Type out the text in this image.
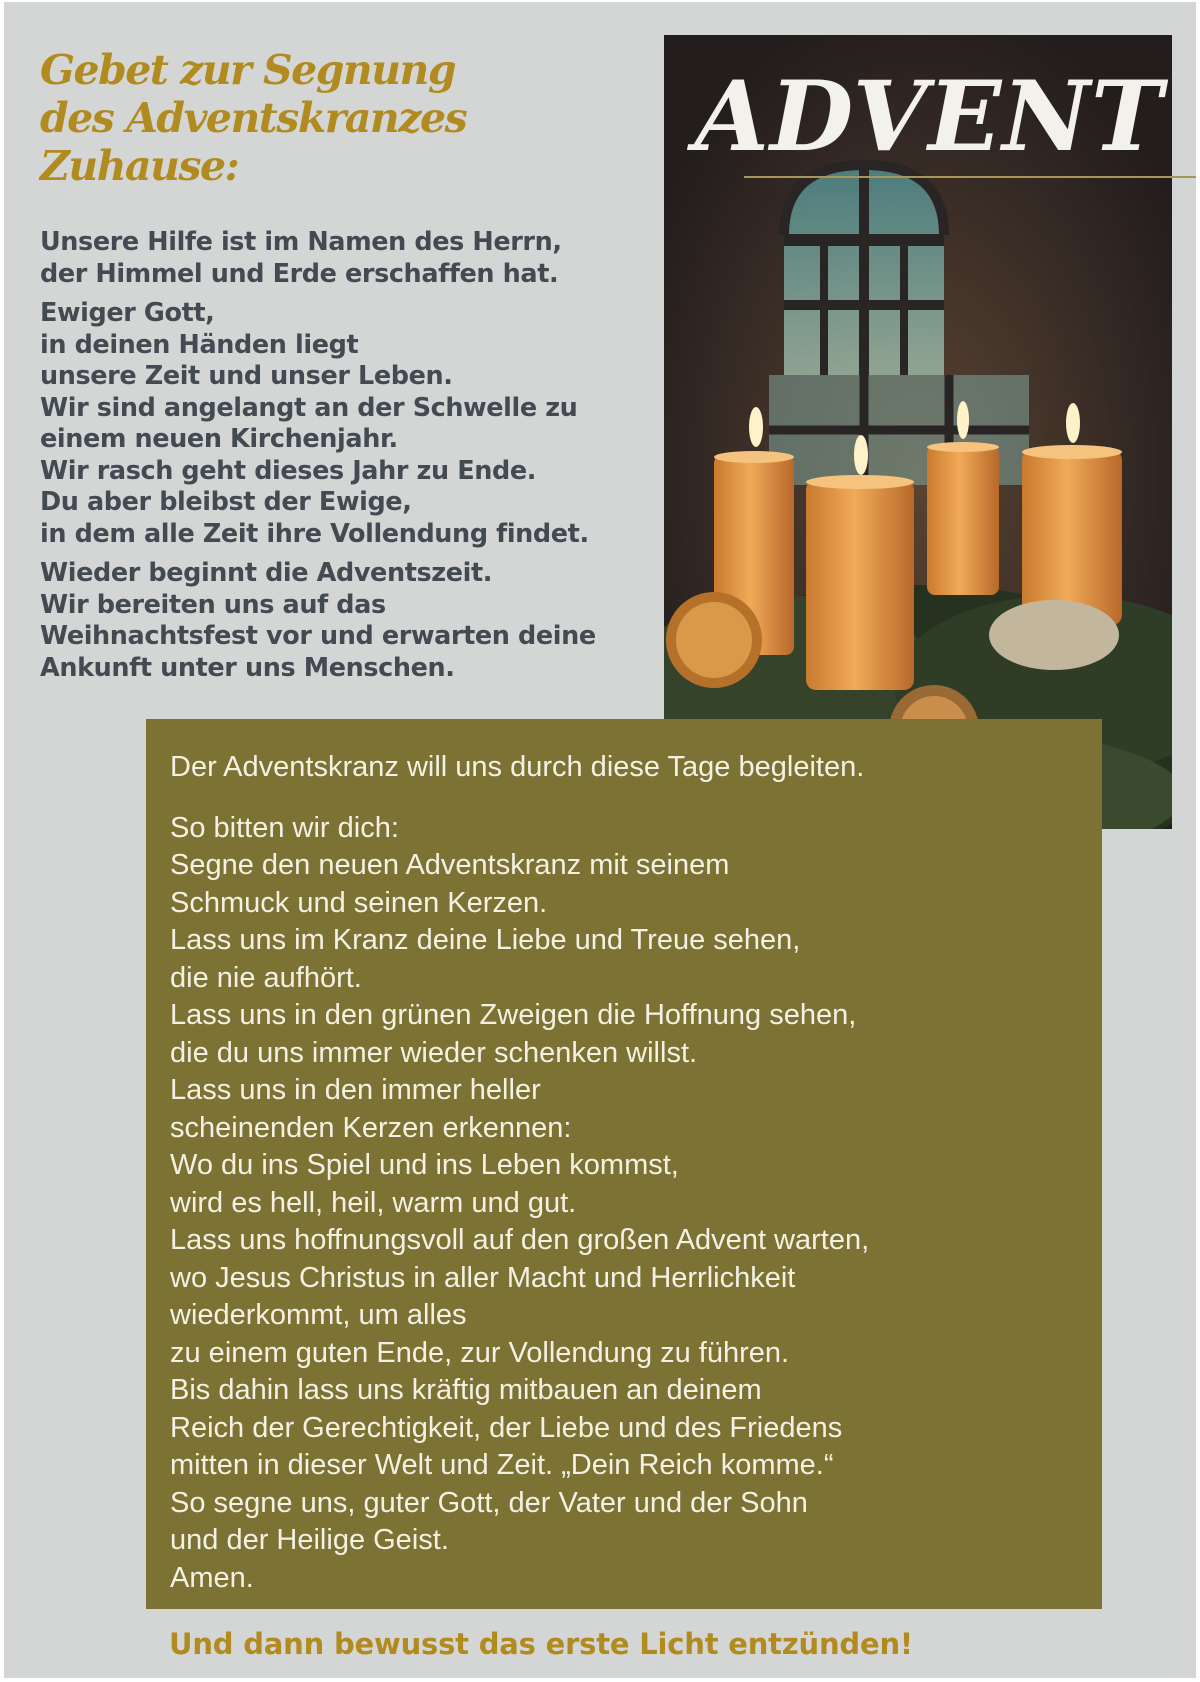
Gebet zur Segnung
des Adventskranzes
Zuhause:
Unsere Hilfe ist im Namen des Herrn,
der Himmel und Erde erschaffen hat.
Ewiger Gott,
in deinen Händen liegt
unsere Zeit und unser Leben.
Wir sind angelangt an der Schwelle zu
einem neuen Kirchenjahr.
Wir rasch geht dieses Jahr zu Ende.
Du aber bleibst der Ewige,
in dem alle Zeit ihre Vollendung findet.
Wieder beginnt die Adventszeit.
Wir bereiten uns auf das
Weihnachtsfest vor und erwarten deine
Ankunft unter uns Menschen.
ADVENT
Der Adventskranz will uns durch diese Tage begleiten.
So bitten wir dich:
Segne den neuen Adventskranz mit seinem
Schmuck und seinen Kerzen.
Lass uns im Kranz deine Liebe und Treue sehen,
die nie aufhört.
Lass uns in den grünen Zweigen die Hoffnung sehen,
die du uns immer wieder schenken willst.
Lass uns in den immer heller
scheinenden Kerzen erkennen:
Wo du ins Spiel und ins Leben kommst,
wird es hell, heil, warm und gut.
Lass uns hoffnungsvoll auf den großen Advent warten,
wo Jesus Christus in aller Macht und Herrlichkeit
wiederkommt, um alles
zu einem guten Ende, zur Vollendung zu führen.
Bis dahin lass uns kräftig mitbauen an deinem
Reich der Gerechtigkeit, der Liebe und des Friedens
mitten in dieser Welt und Zeit. „Dein Reich komme.“
So segne uns, guter Gott, der Vater und der Sohn
und der Heilige Geist.
Amen.
Und dann bewusst das erste Licht entzünden!
